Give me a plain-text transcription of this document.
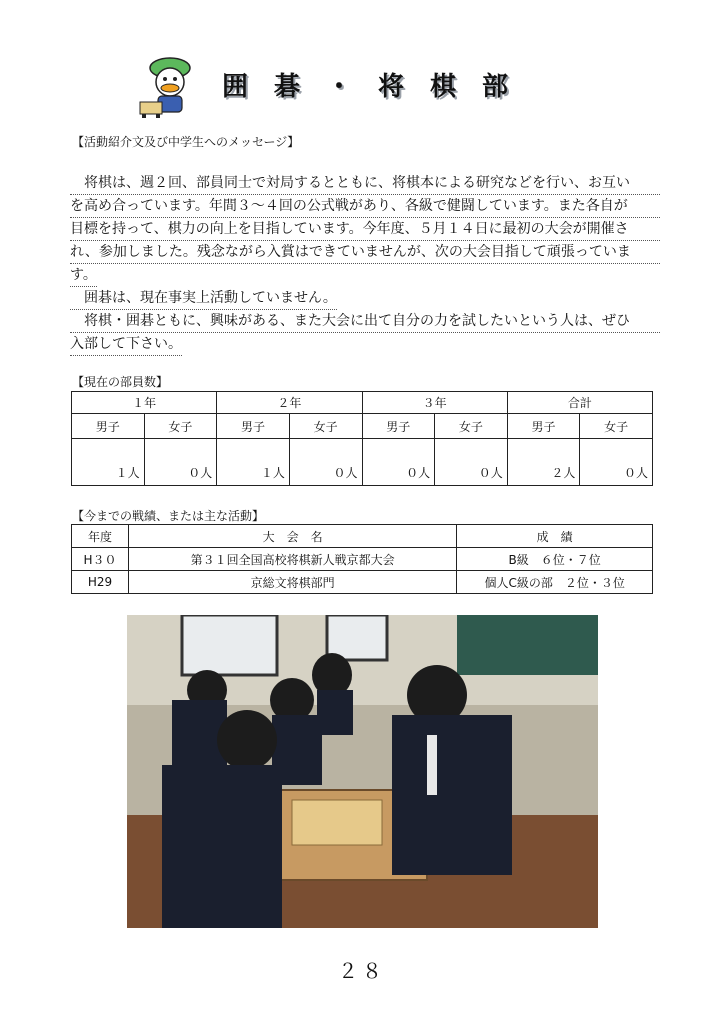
囲碁・将棋部
【活動紹介文及び中学生へのメッセージ】
　将棋は、週２回、部員同士で対局するとともに、将棋本による研究などを行い、お互い
を高め合っています。年間３～４回の公式戦があり、各級で健闘しています。また各自が
目標を持って、棋力の向上を目指しています。今年度、５月１４日に最初の大会が開催さ
れ、参加しました。残念ながら入賞はできていませんが、次の大会目指して頑張っていま
す。
　囲碁は、現在事実上活動していません。
　将棋・囲碁ともに、興味がある、また大会に出て自分の力を試したいという人は、ぜひ
入部して下さい。
【現在の部員数】
１年		２年		３年		合計	
男子	女子	男子	女子	男子	女子	男子	女子
１人	０人	１人	０人	０人	０人	２人	０人
【今までの戦績、または主な活動】
年度	大　会　名	成　績
H３０	第３１回全国高校将棋新人戦京都大会	B級　６位・７位
H29	京総文将棋部門	個人C級の部　２位・３位
２８
